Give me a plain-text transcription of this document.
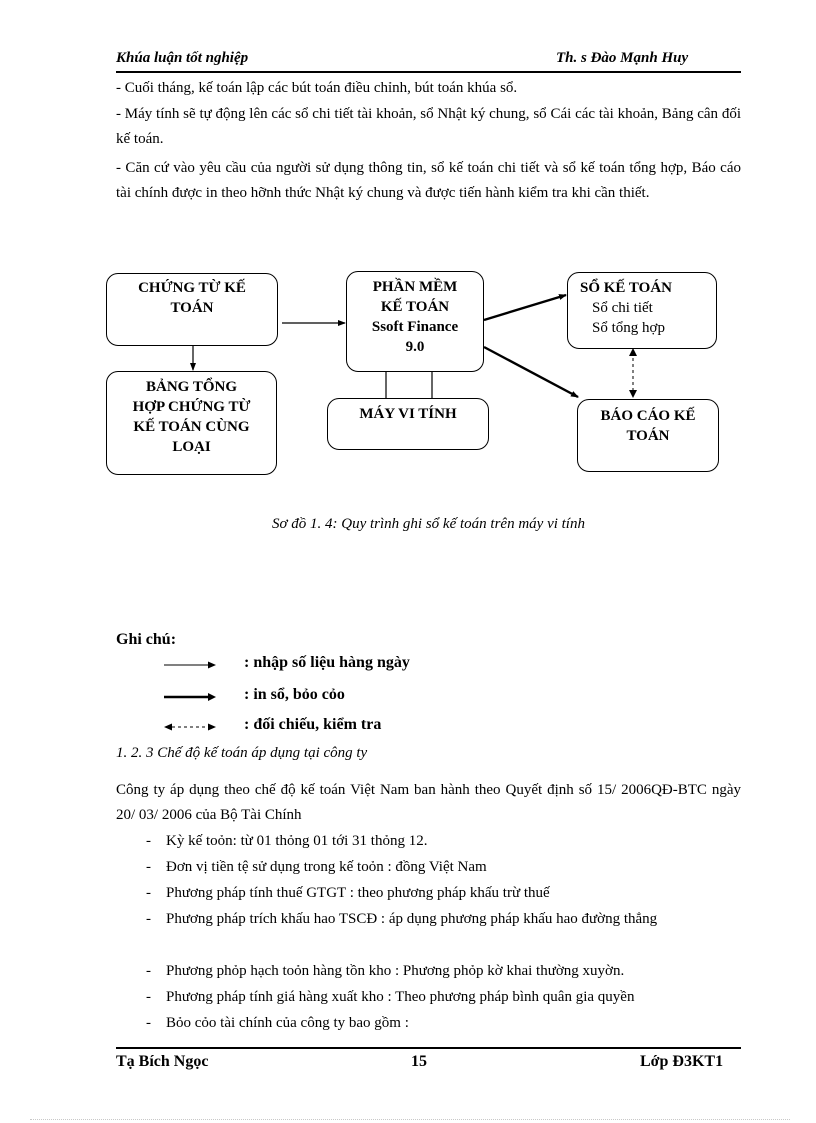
Khúa luận tốt nghiệp	Th. s Đào Mạnh Huy
- Cuối tháng, kế toán lập các bút toán điều chỉnh, bút toán khúa sổ.
- Máy tính sẽ tự động lên các sổ chi tiết tài khoản, sổ Nhật ký chung, sổ Cái các tài khoản, Bảng cân đối kế toán.
- Căn cứ vào yêu cầu của người sử dụng thông tin, sổ kế toán chi tiết và sổ kế toán tổng hợp, Báo cáo tài chính được in theo hỡnh thức Nhật ký chung và được tiến hành kiểm tra khi cần thiết.
CHỨNG TỪ KẾ
TOÁN
BẢNG TỔNG
HỢP CHỨNG TỪ
KẾ TOÁN CÙNG
LOẠI
PHẦN MỀM
KẾ TOÁN
Ssoft Finance
9.0
MÁY VI TÍNH
SỔ KẾ TOÁN
Sổ chi tiết
Sổ tổng hợp
BÁO CÁO KẾ
TOÁN
Sơ đồ 1. 4: Quy trình ghi sổ kế toán trên máy vi tính
Ghi chú:
: nhập số liệu hàng ngày
: in sổ, bỏo cỏo
: đối chiếu, kiểm tra
1. 2. 3 Chế độ kế toán áp dụng tại công ty
Công ty áp dụng theo chế độ kế toán Việt Nam ban hành theo Quyết định số 15/ 2006QĐ-BTC ngày 20/ 03/ 2006 của Bộ Tài Chính
-	Kỳ kế toỏn: từ 01 thỏng 01 tới 31 thỏng 12.
-	Đơn vị tiền tệ sử dụng trong kế toỏn : đồng Việt Nam
-	Phương pháp tính thuế GTGT : theo phương pháp khấu trừ thuế
-	Phương pháp trích khấu hao TSCĐ : áp dụng phương pháp khấu hao đường thẳng
-	Phương phỏp hạch toỏn hàng tồn kho : Phương phỏp kờ khai thường xuyờn.
-	Phương pháp tính giá hàng xuất kho : Theo phương pháp bình quân gia quyền
-	Bỏo cỏo tài chính của công ty bao gồm :
Tạ Bích Ngọc	15	Lớp Đ3KT1
